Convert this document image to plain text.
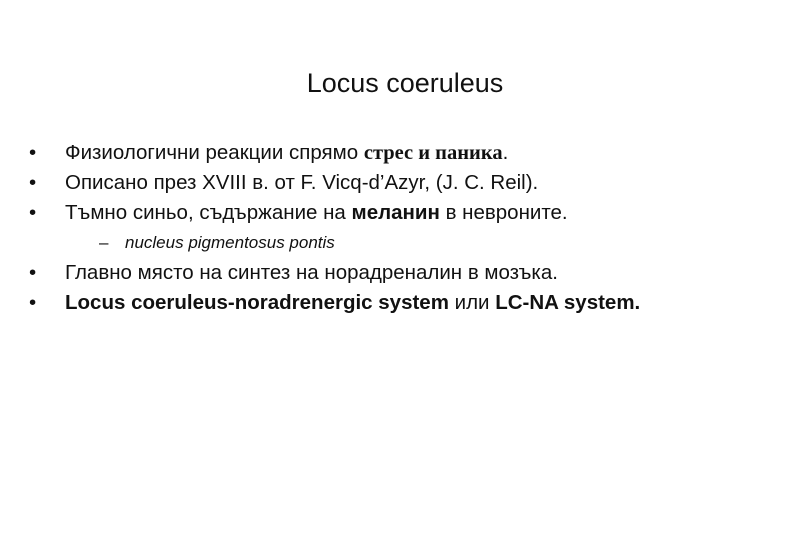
Locus coeruleus
•	Физиологични реакции спрямо стрес и паника.
•	Описано през XVIII в. от F. Vicq-d’Azyr, (J. C. Reil).
•	Тъмно синьо, съдържание на меланин в невроните.
– nucleus pigmentosus pontis
•	Главно място на синтез на норадреналин в мозъка.
•	Locus coeruleus-noradrenergic system или LC-NA system.
